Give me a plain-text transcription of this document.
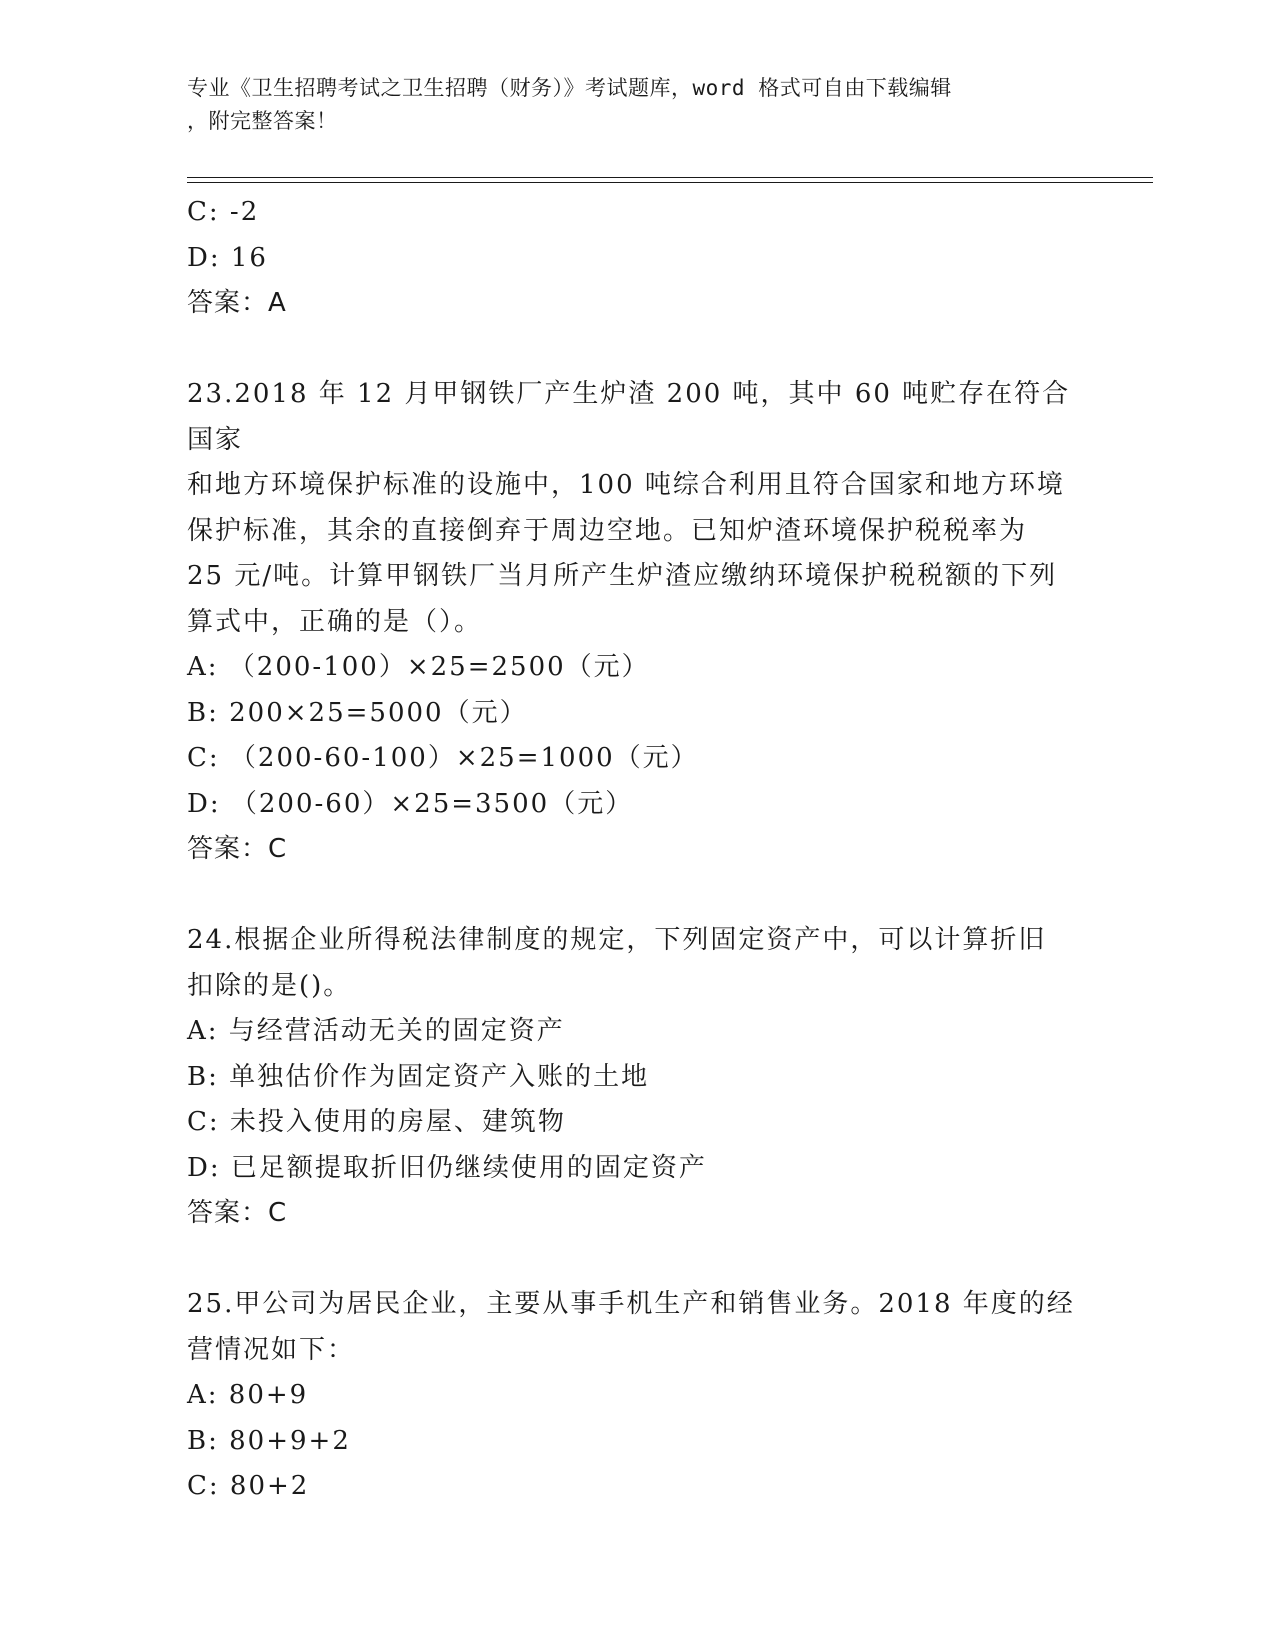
专业《卫生招聘考试之卫生招聘（财务）》考试题库，word 格式可自由下载编辑
，附完整答案！
C: -2
D: 16
答案：A
23.2018 年 12 月甲钢铁厂产生炉渣 200 吨，其中 60 吨贮存在符合国家
和地方环境保护标准的设施中，100 吨综合利用且符合国家和地方环境
保护标准，其余的直接倒弃于周边空地。已知炉渣环境保护税税率为
25 元/吨。计算甲钢铁厂当月所产生炉渣应缴纳环境保护税税额的下列
算式中，正确的是（）。
A: （200-100）×25=2500（元）
B: 200×25=5000（元）
C: （200-60-100）×25=1000（元）
D: （200-60）×25=3500（元）
答案：C
24.根据企业所得税法律制度的规定，下列固定资产中，可以计算折旧
扣除的是()。
A: 与经营活动无关的固定资产
B: 单独估价作为固定资产入账的土地
C: 未投入使用的房屋、建筑物
D: 已足额提取折旧仍继续使用的固定资产
答案：C
25.甲公司为居民企业，主要从事手机生产和销售业务。2018 年度的经
营情况如下：
A: 80+9
B: 80+9+2
C: 80+2
